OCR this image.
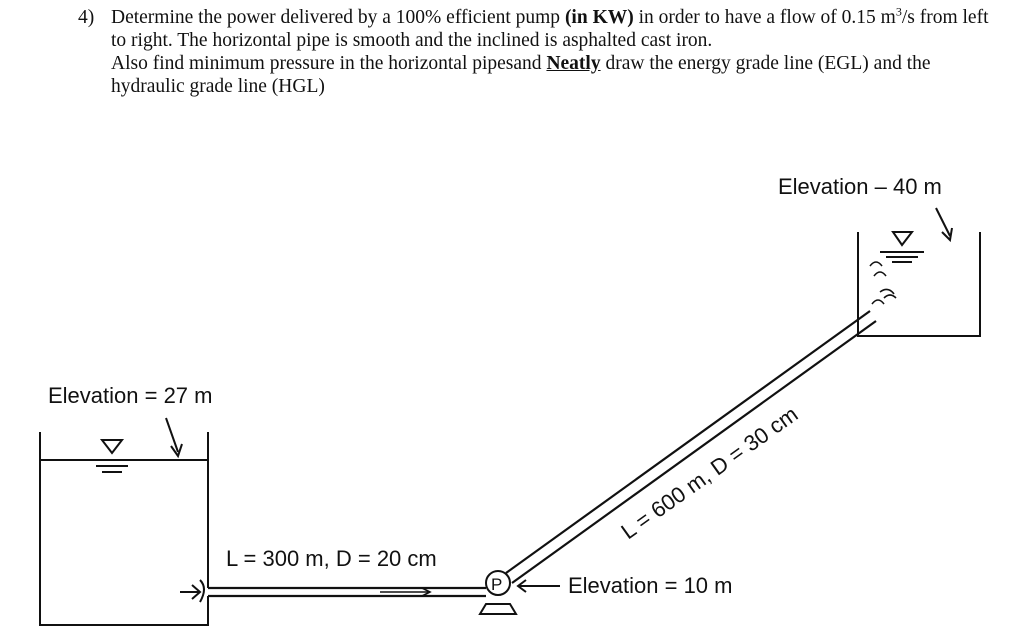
4) Determine the power delivered by a 100% efficient pump (in KW) in order to have a flow of 0.15 $m^3/s$ from left to right. The horizontal pipe is smooth and the inclined is asphalted cast iron.

Also find minimum pressure in the horizontal pipesand Neatly draw the energy grade line (EGL) and the hydraulic grade line (HGL)

Elevation – 40 m
Elevation = 27 m
L = 300 m, D = 20 cm
P	Elevation = 10 m
L = 600 m, D = 30 cm
